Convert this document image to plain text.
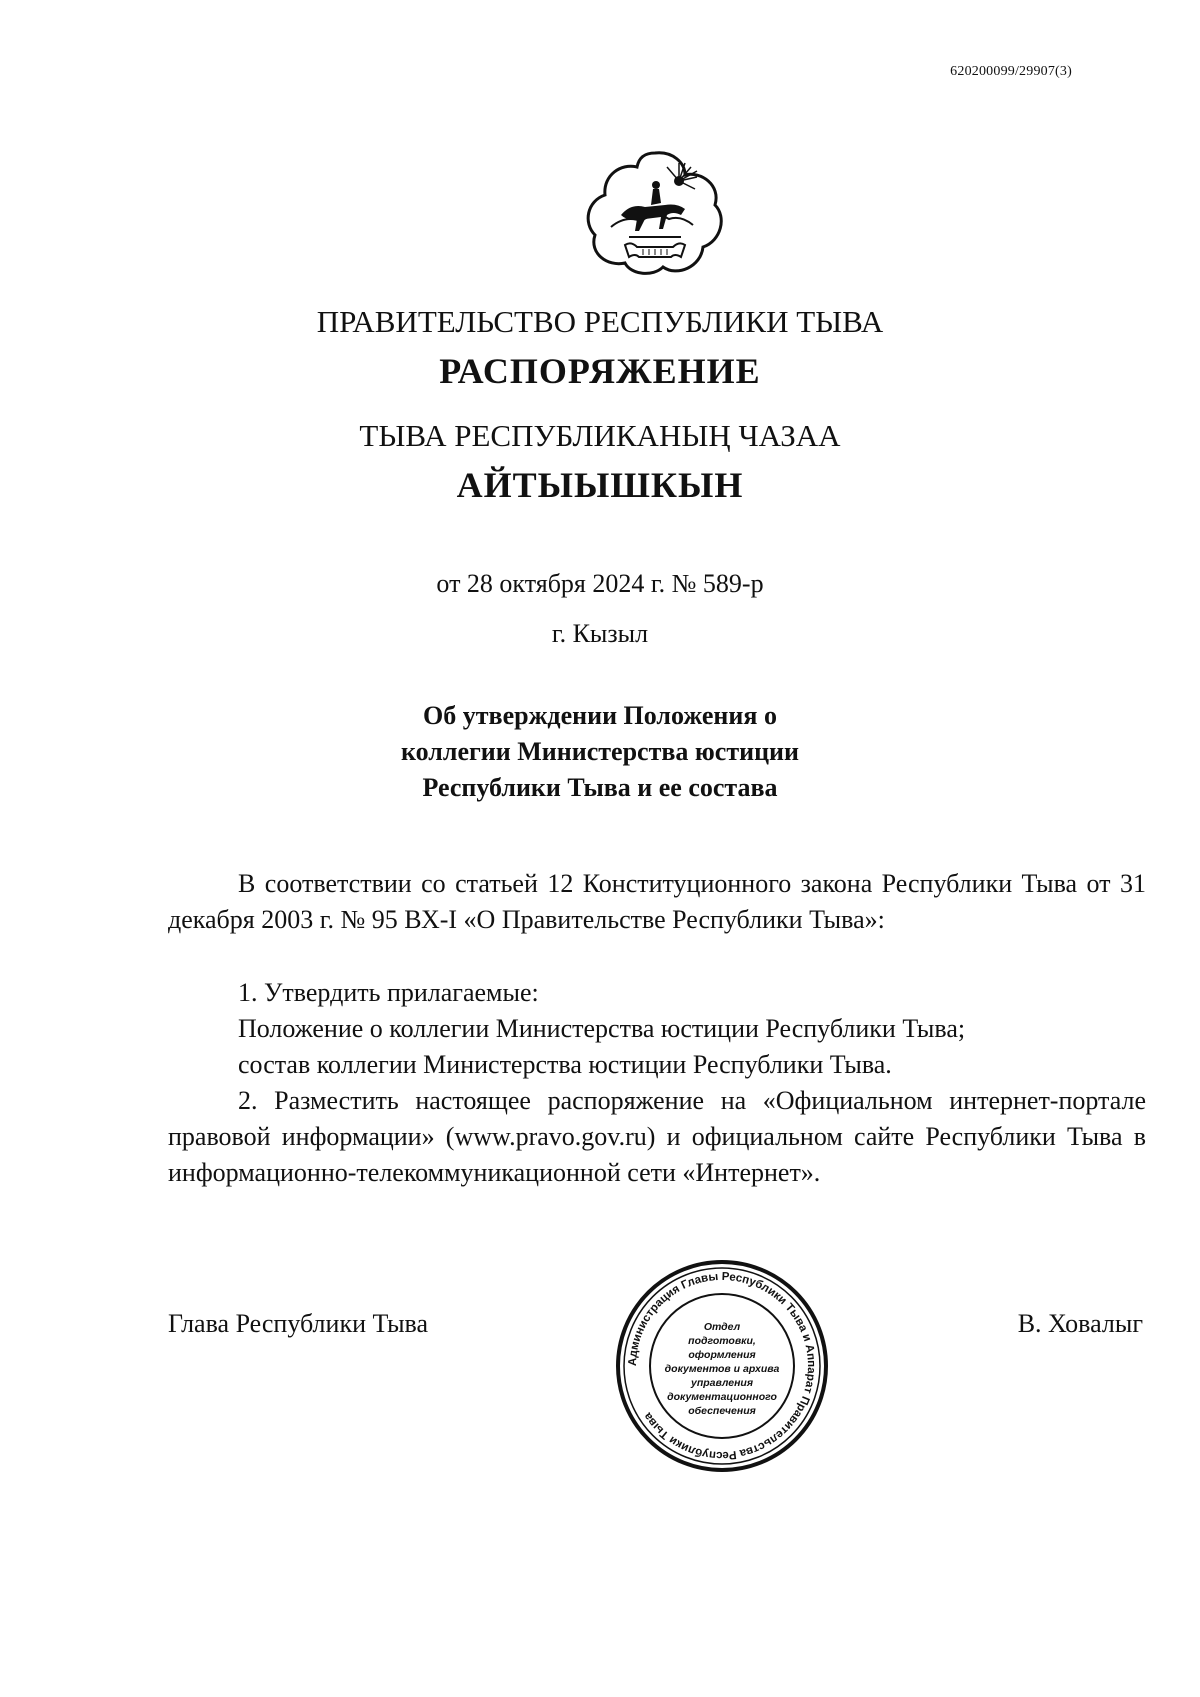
620200099/29907(3)
ПРАВИТЕЛЬСТВО РЕСПУБЛИКИ ТЫВА
РАСПОРЯЖЕНИЕ
ТЫВА РЕСПУБЛИКАНЫҢ ЧАЗАА
АЙТЫЫШКЫН
от 28 октября 2024 г. № 589-р
г. Кызыл
Об утверждении Положения о
коллегии Министерства юстиции
Республики Тыва и ее состава
В соответствии со статьей 12 Конституционного закона Республики Тыва от 31 декабря 2003 г. № 95 ВХ-I «О Правительстве Республики Тыва»:
1. Утвердить прилагаемые:
Положение о коллегии Министерства юстиции Республики Тыва;
состав коллегии Министерства юстиции Республики Тыва.
2. Разместить настоящее распоряжение на «Официальном интернет-портале правовой информации» (www.pravo.gov.ru) и официальном сайте Республики Тыва в информационно-телекоммуникационной сети «Интернет».
Глава Республики Тыва	В. Ховалыг
Администрация Главы Республики Тыва и Аппарат Правительства Республики Тыва
Отдел
подготовки,
оформления
документов и архива
управления
документационного
обеспечения
